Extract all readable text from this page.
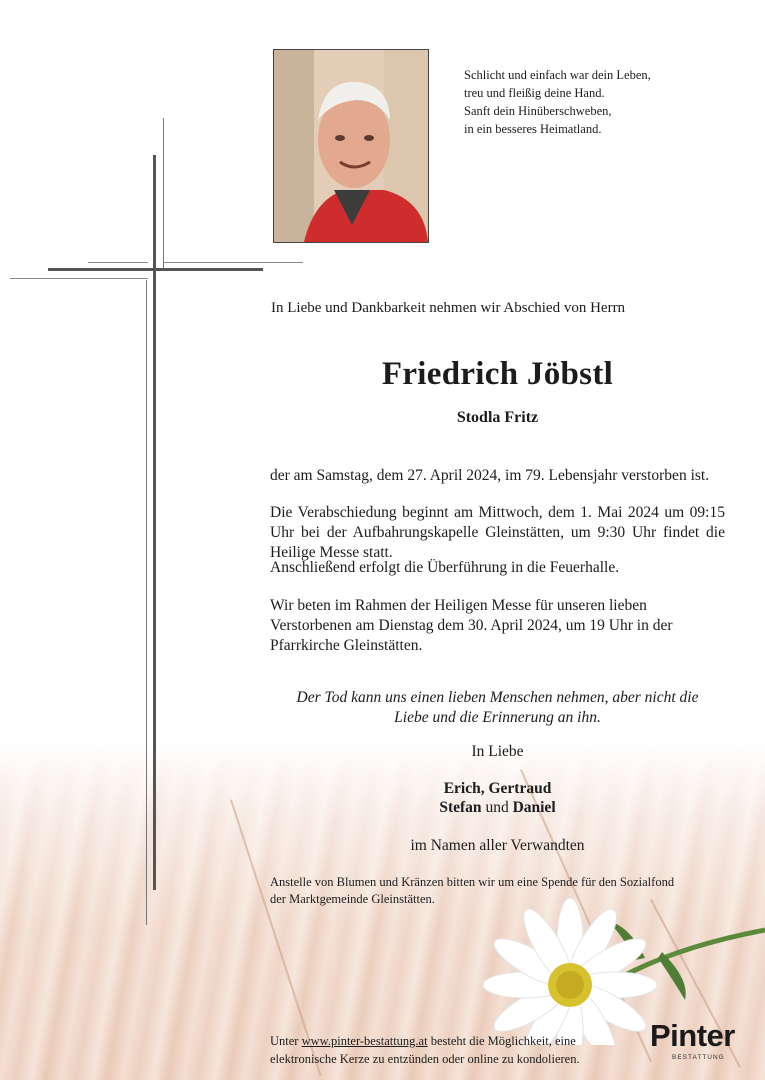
Schlicht und einfach war dein Leben,
treu und fleißig deine Hand.
Sanft dein Hinüberschweben,
in ein besseres Heimatland.
In Liebe und Dankbarkeit nehmen wir Abschied von Herrn
Friedrich Jöbstl
Stodla Fritz
der am Samstag, dem 27. April 2024, im 79. Lebensjahr verstorben ist.
Die Verabschiedung beginnt am Mittwoch, dem 1. Mai 2024 um 09:15 Uhr bei der Aufbahrungskapelle Gleinstätten, um 9:30 Uhr findet die Heilige Messe statt.
Anschließend erfolgt die Überführung in die Feuerhalle.
Wir beten im Rahmen der Heiligen Messe für unseren lieben Verstorbenen am Dienstag dem 30. April 2024, um 19 Uhr in der Pfarrkirche Gleinstätten.
Der Tod kann uns einen lieben Menschen nehmen, aber nicht die
Liebe und die Erinnerung an ihn.
In Liebe
Erich, Gertraud
Stefan und Daniel
im Namen aller Verwandten
Anstelle von Blumen und Kränzen bitten wir um eine Spende für den Sozialfond
der Marktgemeinde Gleinstätten.
Unter www.pinter-bestattung.at besteht die Möglichkeit, eine
elektronische Kerze zu entzünden oder online zu kondolieren.
Pinter
BESTATTUNG
